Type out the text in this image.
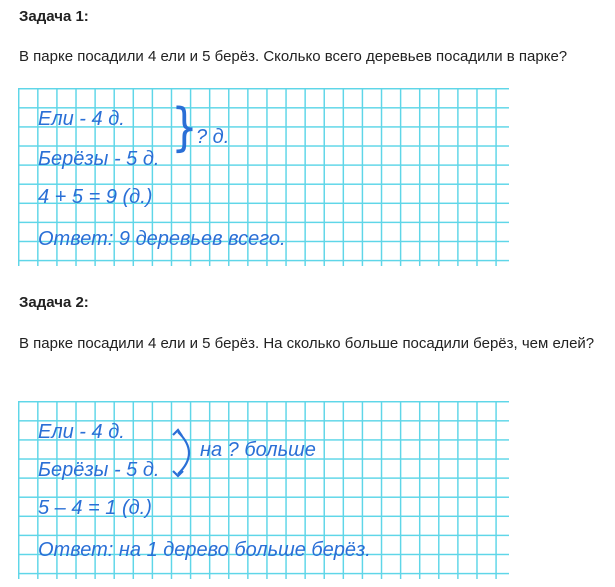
Задача 1:
В парке посадили 4 ели и 5 берёз. Сколько всего деревьев посадили в парке?
Ели - 4 д.
Берёзы - 5 д.
}
? д.
4 + 5 = 9 (д.)
Ответ: 9 деревьев всего.
Задача 2:
В парке посадили 4 ели и 5 берёз. На сколько больше посадили берёз, чем елей?
Ели - 4 д.
Берёзы - 5 д.
на ? больше
5 – 4 = 1 (д.)
Ответ: на 1 дерево больше берёз.
